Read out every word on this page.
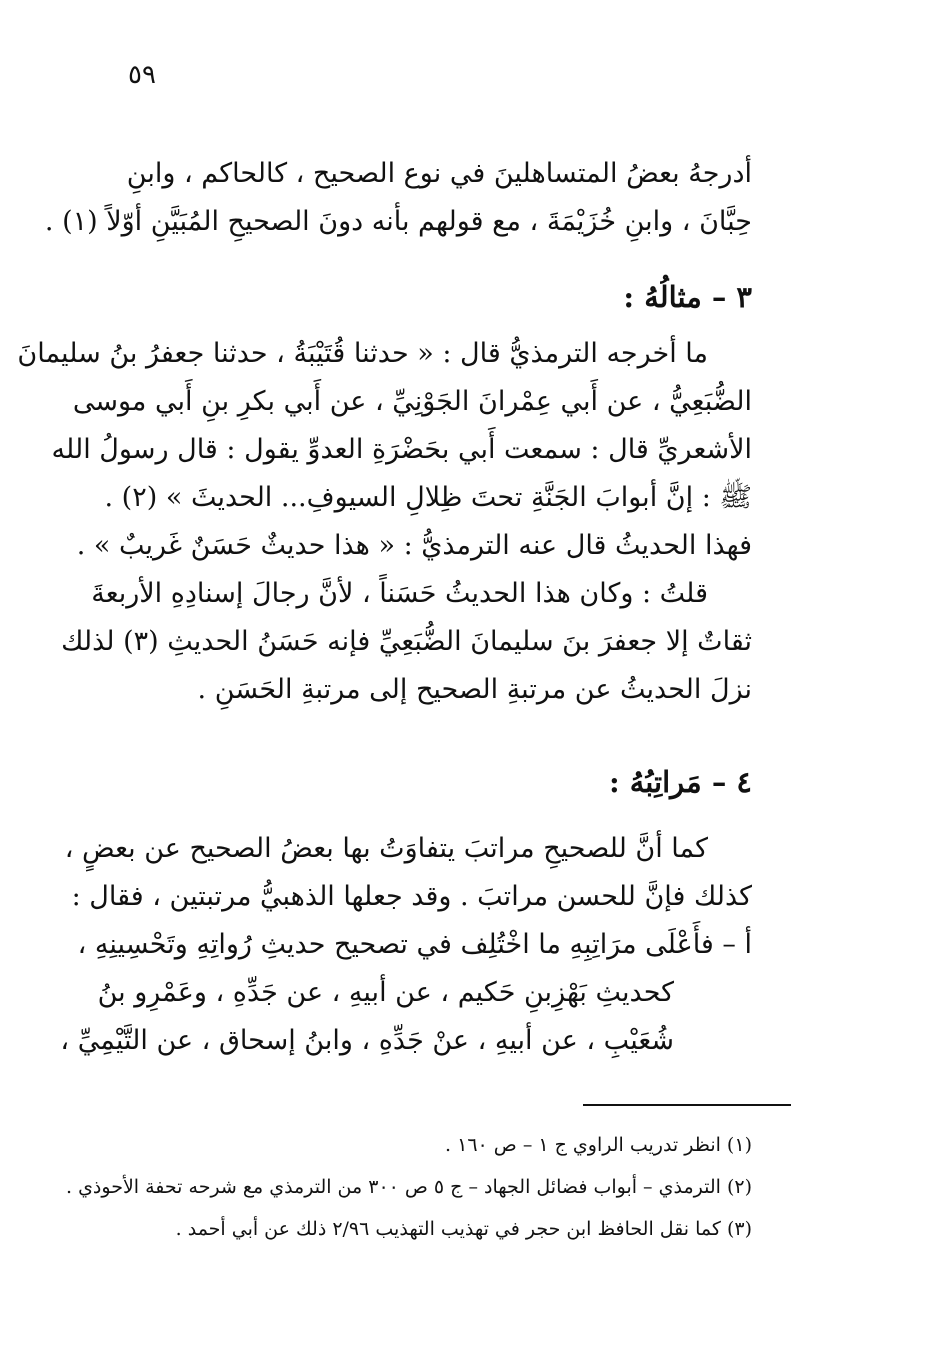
٥٩
أدرجهُ بعضُ المتساهلينَ في نوع الصحيح ، كالحاكم ، وابنِ
حِبَّانَ ، وابنِ خُزَيْمَةَ ، مع قولهم بأنه دونَ الصحيحِ المُبَيَّنِ أوّلاً (١) .
٣ – مثالُهُ :
ما أخرجه الترمذيُّ قال : « حدثنا قُتَيْبَةُ ، حدثنا جعفرُ بنُ سليمانَ
الضُّبَعِيُّ ، عن أَبي عِمْرانَ الجَوْنِيِّ ، عن أَبي بكرِ بنِ أَبي موسى
الأشعريِّ قال : سمعت أَبي بحَضْرَةِ العدوِّ يقول : قال رسولُ الله
ﷺ : إنَّ أبوابَ الجَنَّةِ تحتَ ظِلالِ السيوفِ... الحديثَ » (٢) .
فهذا الحديثُ قال عنه الترمذيُّ : « هذا حديثٌ حَسَنٌ غَريبٌ » .
قلتُ : وكان هذا الحديثُ حَسَناً ، لأنَّ رجالَ إسنادِهِ الأربعةَ
ثقاتٌ إلا جعفرَ بنَ سليمانَ الضُّبَعِيِّ فإنه حَسَنُ الحديثِ (٣) لذلك
نزلَ الحديثُ عن مرتبةِ الصحيح إلى مرتبةِ الحَسَنِ .
٤ – مَراتِبُهُ :
كما أنَّ للصحيحِ مراتبَ يتفاوَتُ بها بعضُ الصحيح عن بعضٍ ،
كذلك فإنَّ للحسن مراتبَ . وقد جعلها الذهبيُّ مرتبتين ، فقال :
أ – فأَعْلَى مرَاتِبِهِ ما اخْتُلِف في تصحيح حديثِ رُواتِهِ وتَحْسِينِهِ ،
كحديثِ بَهْزِبنِ حَكيم ، عن أبيهِ ، عن جَدِّهِ ، وعَمْرِو بنُ
شُعَيْبِ ، عن أبيهِ ، عنْ جَدِّهِ ، وابنُ إسحاق ، عن التَّيْمِيِّ ،
(١) انظر تدريب الراوي ج ١ – ص ١٦٠ .
(٢) الترمذي – أبواب فضائل الجهاد – ج ٥ ص ٣٠٠ من الترمذي مع شرحه تحفة الأحوذي .
(٣) كما نقل الحافظ ابن حجر في تهذيب التهذيب ٢/٩٦ ذلك عن أبي أحمد .
